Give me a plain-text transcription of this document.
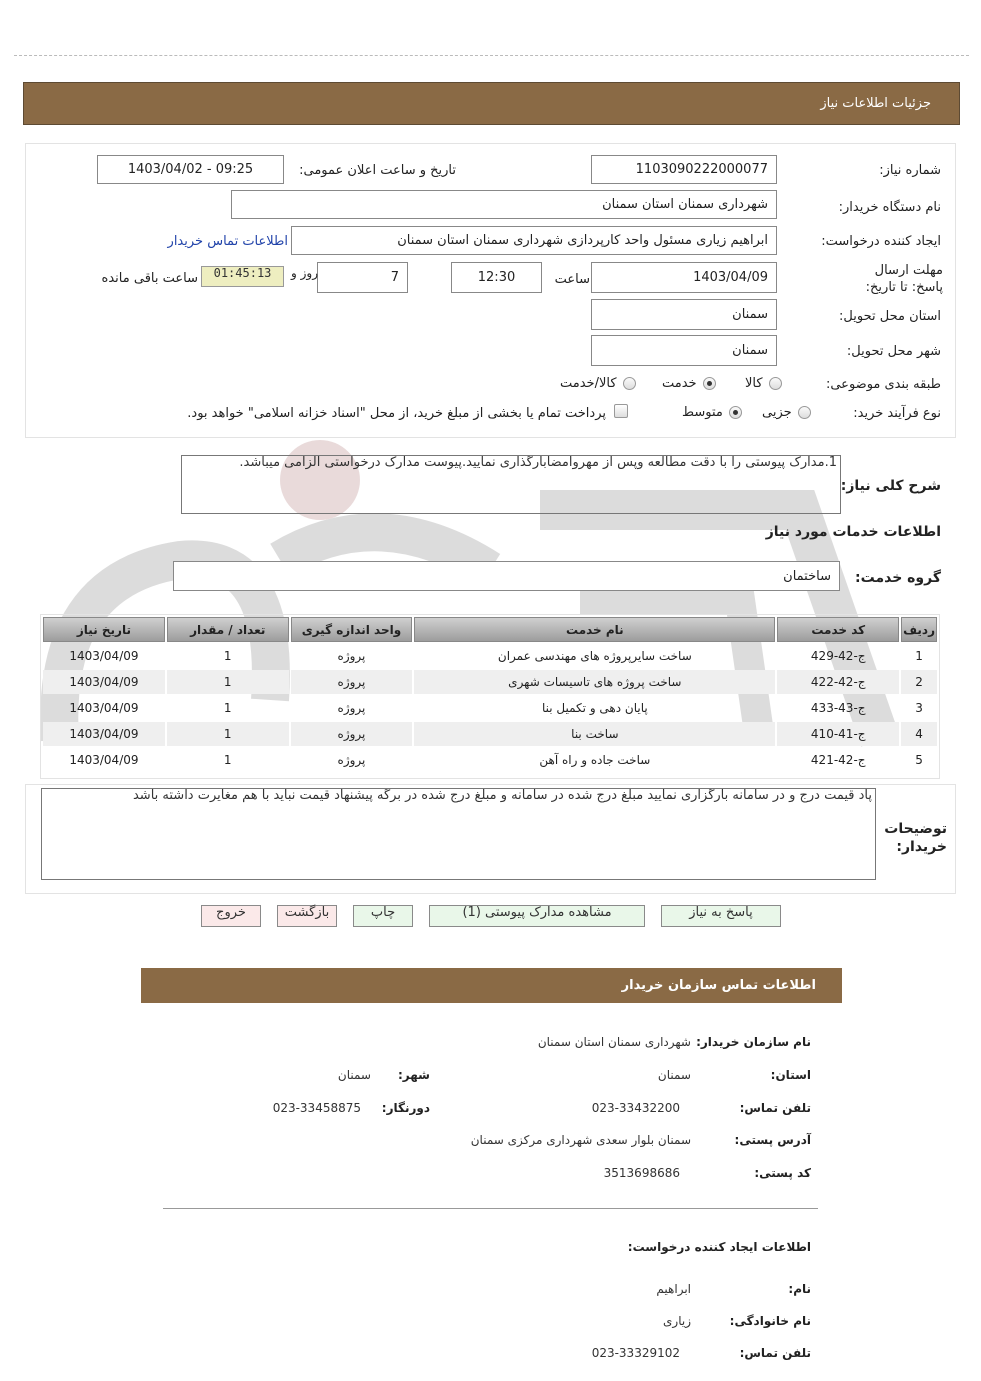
جزئیات اطلاعات نیاز
شماره نیاز:
1103090222000077
تاریخ و ساعت اعلان عمومی:
1403/04/02 - 09:25
نام دستگاه خریدار:
شهرداری سمنان استان سمنان
ایجاد کننده درخواست:
ابراهیم زیاری مسئول واحد کارپردازی شهرداری سمنان استان سمنان
اطلاعات تماس خریدار
مهلت ارسال پاسخ: تا تاریخ:
1403/04/09
ساعت
12:30
7
روز و
01:45:13
ساعت باقی مانده
استان محل تحویل:
سمنان
شهر محل تحویل:
سمنان
طبقه بندی موضوعی:
کالا
خدمت
کالا/خدمت
نوع فرآیند خرید:
جزیی
متوسط
پرداخت تمام یا بخشی از مبلغ خرید، از محل "اسناد خزانه اسلامی" خواهد بود.
شرح کلی نیاز:
1.مدارک پیوستی را با دقت مطالعه وپس از مهروامضابارگذاری نمایید.پیوست مدارک درخواستی الزامی میباشد.
اطلاعات خدمات مورد نیاز
گروه خدمت:
ساختمان
ردیف	کد خدمت	نام خدمت	واحد اندازه گیری	تعداد / مقدار	تاریخ نیاز
1	ج-42-429	ساخت سایرپروژه های مهندسی عمران	پروژه	1	1403/04/09
2	ج-42-422	ساخت پروژه های تاسیسات شهری	پروژه	1	1403/04/09
3	ج-43-433	پایان دهی و تکمیل بنا	پروژه	1	1403/04/09
4	ج-41-410	ساخت بنا	پروژه	1	1403/04/09
5	ج-42-421	ساخت جاده و راه آهن	پروژه	1	1403/04/09
توضیحات خریدار:
پاد قیمت درج و در سامانه بارگزاری نمایید مبلغ درج شده در سامانه و مبلغ درج شده در برگه پیشنهاد قیمت نباید با هم مغایرت داشته باشد
پاسخ به نیاز
مشاهده مدارک پیوستی (1)
چاپ
بازگشت
خروج
اطلاعات تماس سازمان خریدار
نام سازمان خریدار:
شهرداری سمنان استان سمنان
استان:
سمنان
شهر:
سمنان
تلفن تماس:
023-33432200
دورنگار:
023-33458875
آدرس پستی:
سمنان بلوار سعدی شهرداری مرکزی سمنان
کد پستی:
3513698686
اطلاعات ایجاد کننده درخواست:
نام:
ابراهیم
نام خانوادگی:
زیاری
تلفن تماس:
023-33329102
